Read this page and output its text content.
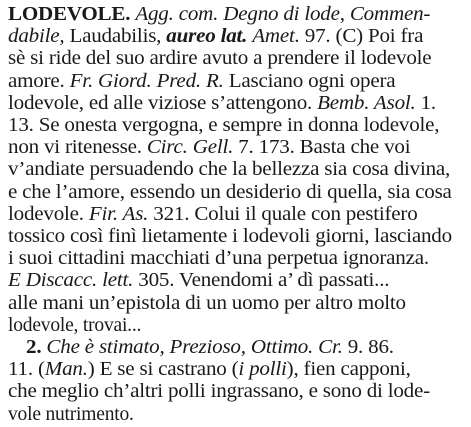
LODEVOLE. Agg. com. Degno di lode, Commen-
dabile, Laudabilis, aureo lat. Amet. 97. (C) Poi fra
sè si ride del suo ardire avuto a prendere il lodevole
amore. Fr. Giord. Pred. R. Lasciano ogni opera
lodevole, ed alle viziose s’attengono. Bemb. Asol. 1.
13. Se onesta vergogna, e sempre in donna lodevole,
non vi ritenesse. Circ. Gell. 7. 173. Basta che voi
v’andiate persuadendo che la bellezza sia cosa divina,
e che l’amore, essendo un desiderio di quella, sia cosa
lodevole. Fir. As. 321. Colui il quale con pestifero
tossico così finì lietamente i lodevoli giorni, lasciando
i suoi cittadini macchiati d’una perpetua ignoranza.
E Discacc. lett. 305. Venendomi a’ dì passati...
alle mani un’epistola di un uomo per altro molto
lodevole, trovai...
2. Che è stimato, Prezioso, Ottimo. Cr. 9. 86.
11. (Man.) E se si castrano (i polli), fien capponi,
che meglio ch’altri polli ingrassano, e sono di lode-
vole nutrimento.
